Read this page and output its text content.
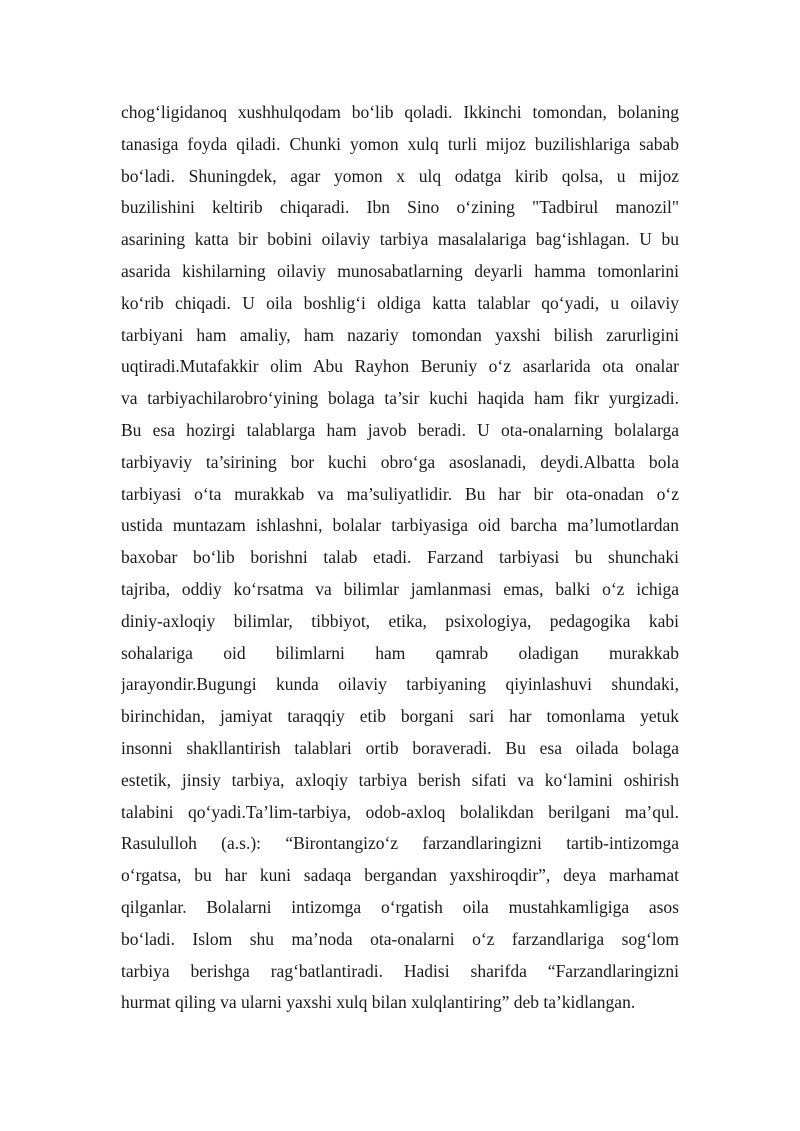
chog‘ligidanoq xushhulqodam bo‘lib qoladi. Ikkinchi tomondan, bolaning
tanasiga foyda qiladi. Chunki yomon xulq turli mijoz buzilishlariga sabab
bo‘ladi. Shuningdek, agar yomon x ulq odatga kirib qolsa, u mijoz
buzilishini keltirib chiqaradi. Ibn Sino o‘zining "Tadbirul manozil"
asarining katta bir bobini oilaviy tarbiya masalalariga bag‘ishlagan. U bu
asarida kishilarning oilaviy munosabatlarning deyarli hamma tomonlarini
ko‘rib chiqadi. U oila boshlig‘i oldiga katta talablar qo‘yadi, u oilaviy
tarbiyani ham amaliy, ham nazariy tomondan yaxshi bilish zarurligini
uqtiradi.Mutafakkir olim Abu Rayhon Beruniy o‘z asarlarida ota onalar
va tarbiyachilarobro‘yining bolaga ta’sir kuchi haqida ham fikr yurgizadi.
Bu esa hozirgi talablarga ham javob beradi. U ota-onalarning bolalarga
tarbiyaviy ta’sirining bor kuchi obro‘ga asoslanadi, deydi.Albatta bola
tarbiyasi o‘ta murakkab va ma’suliyatlidir. Bu har bir ota-onadan o‘z
ustida muntazam ishlashni, bolalar tarbiyasiga oid barcha ma’lumotlardan
baxobar bo‘lib borishni talab etadi. Farzand tarbiyasi bu shunchaki
tajriba, oddiy ko‘rsatma va bilimlar jamlanmasi emas, balki o‘z ichiga
diniy-axloqiy bilimlar, tibbiyot, etika, psixologiya, pedagogika kabi
sohalariga oid bilimlarni ham qamrab oladigan murakkab
jarayondir.Bugungi kunda oilaviy tarbiyaning qiyinlashuvi shundaki,
birinchidan, jamiyat taraqqiy etib borgani sari har tomonlama yetuk
insonni shakllantirish talablari ortib boraveradi. Bu esa oilada bolaga
estetik, jinsiy tarbiya, axloqiy tarbiya berish sifati va ko‘lamini oshirish
talabini qo‘yadi.Ta’lim-tarbiya, odob-axloq bolalikdan berilgani ma’qul.
Rasululloh (a.s.): “Birontangizo‘z farzandlaringizni tartib-intizomga
o‘rgatsa, bu har kuni sadaqa bergandan yaxshiroqdir”, deya marhamat
qilganlar. Bolalarni intizomga o‘rgatish oila mustahkamligiga asos
bo‘ladi. Islom shu ma’noda ota-onalarni o‘z farzandlariga sog‘lom
tarbiya berishga rag‘batlantiradi. Hadisi sharifda “Farzandlaringizni
hurmat qiling va ularni yaxshi xulq bilan xulqlantiring” deb ta’kidlangan.
